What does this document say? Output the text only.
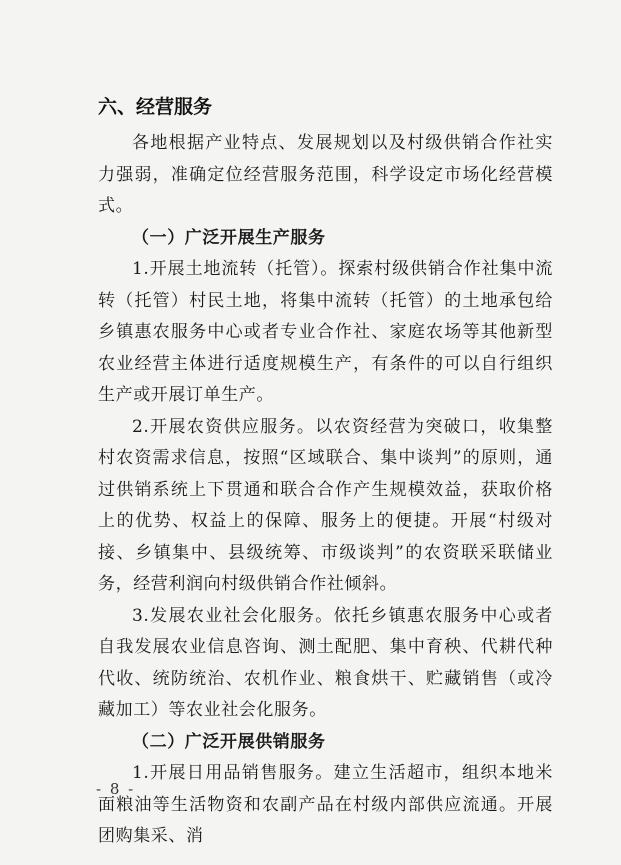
六、经营服务
各地根据产业特点、发展规划以及村级供销合作社实力强弱，准确定位经营服务范围，科学设定市场化经营模式。
（一）广泛开展生产服务
1.开展土地流转（托管）。探索村级供销合作社集中流转（托管）村民土地，将集中流转（托管）的土地承包给乡镇惠农服务中心或者专业合作社、家庭农场等其他新型农业经营主体进行适度规模生产，有条件的可以自行组织生产或开展订单生产。
2.开展农资供应服务。以农资经营为突破口，收集整村农资需求信息，按照“区域联合、集中谈判”的原则，通过供销系统上下贯通和联合合作产生规模效益，获取价格上的优势、权益上的保障、服务上的便捷。开展“村级对接、乡镇集中、县级统筹、市级谈判”的农资联采联储业务，经营利润向村级供销合作社倾斜。
3.发展农业社会化服务。依托乡镇惠农服务中心或者自我发展农业信息咨询、测土配肥、集中育秧、代耕代种代收、统防统治、农机作业、粮食烘干、贮藏销售（或冷藏加工）等农业社会化服务。
（二）广泛开展供销服务
1.开展日用品销售服务。建立生活超市，组织本地米面粮油等生活物资和农副产品在村级内部供应流通。开展团购集采、消
- 8 -
